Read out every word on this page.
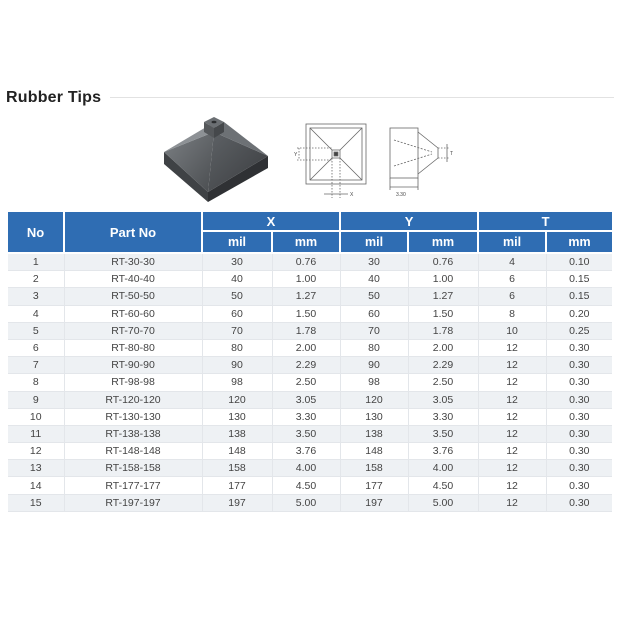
Rubber Tips
Y
X
T
3.30
No	Part No	X		Y		T	
		mil	mm	mil	mm	mil	mm
1	RT-30-30	30	0.76	30	0.76	4	0.10
2	RT-40-40	40	1.00	40	1.00	6	0.15
3	RT-50-50	50	1.27	50	1.27	6	0.15
4	RT-60-60	60	1.50	60	1.50	8	0.20
5	RT-70-70	70	1.78	70	1.78	10	0.25
6	RT-80-80	80	2.00	80	2.00	12	0.30
7	RT-90-90	90	2.29	90	2.29	12	0.30
8	RT-98-98	98	2.50	98	2.50	12	0.30
9	RT-120-120	120	3.05	120	3.05	12	0.30
10	RT-130-130	130	3.30	130	3.30	12	0.30
11	RT-138-138	138	3.50	138	3.50	12	0.30
12	RT-148-148	148	3.76	148	3.76	12	0.30
13	RT-158-158	158	4.00	158	4.00	12	0.30
14	RT-177-177	177	4.50	177	4.50	12	0.30
15	RT-197-197	197	5.00	197	5.00	12	0.30
